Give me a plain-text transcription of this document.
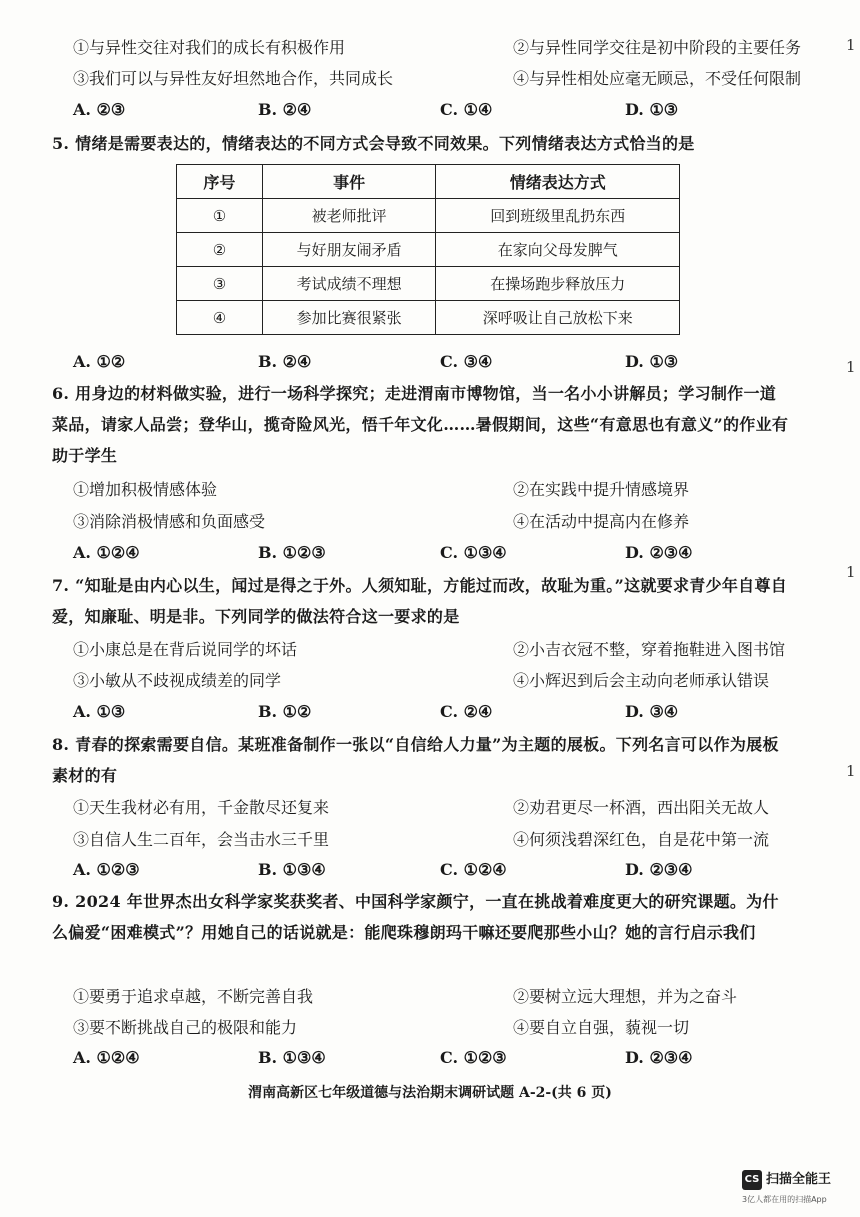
①与异性交往对我们的成长有积极作用	②与异性同学交往是初中阶段的主要任务
③我们可以与异性友好坦然地合作，共同成长	④与异性相处应毫无顾忌，不受任何限制
A. ②③	B. ②④	C. ①④	D. ①③
5. 情绪是需要表达的，情绪表达的不同方式会导致不同效果。下列情绪表达方式恰当的是
序号	事件	情绪表达方式
①	被老师批评	回到班级里乱扔东西
②	与好朋友闹矛盾	在家向父母发脾气
③	考试成绩不理想	在操场跑步释放压力
④	参加比赛很紧张	深呼吸让自己放松下来
A. ①②	B. ②④	C. ③④	D. ①③
6. 用身边的材料做实验，进行一场科学探究；走进渭南市博物馆，当一名小小讲解员；学习制作一道菜品，请家人品尝；登华山，揽奇险风光，悟千年文化……暑假期间，这些“有意思也有意义”的作业有助于学生
①增加积极情感体验	②在实践中提升情感境界
③消除消极情感和负面感受	④在活动中提高内在修养
A. ①②④	B. ①②③	C. ①③④	D. ②③④
7. “知耻是由内心以生，闻过是得之于外。人须知耻，方能过而改，故耻为重。”这就要求青少年自尊自爱，知廉耻、明是非。下列同学的做法符合这一要求的是
①小康总是在背后说同学的坏话	②小吉衣冠不整，穿着拖鞋进入图书馆
③小敏从不歧视成绩差的同学	④小辉迟到后会主动向老师承认错误
A. ①③	B. ①②	C. ②④	D. ③④
8. 青春的探索需要自信。某班准备制作一张以“自信给人力量”为主题的展板。下列名言可以作为展板素材的有
①天生我材必有用，千金散尽还复来	②劝君更尽一杯酒，西出阳关无故人
③自信人生二百年，会当击水三千里	④何须浅碧深红色，自是花中第一流
A. ①②③	B. ①③④	C. ①②④	D. ②③④
9. 2024 年世界杰出女科学家奖获奖者、中国科学家颜宁，一直在挑战着难度更大的研究课题。为什么偏爱“困难模式”？用她自己的话说就是：能爬珠穆朗玛干嘛还要爬那些小山？她的言行启示我们
①要勇于追求卓越，不断完善自我	②要树立远大理想，并为之奋斗
③要不断挑战自己的极限和能力	④要自立自强，藐视一切
A. ①②④	B. ①③④	C. ①②③	D. ②③④
1
1
1
1
渭南高新区七年级道德与法治期末调研试题 A-2-(共 6 页)
CS 扫描全能王
3亿人都在用的扫描App
